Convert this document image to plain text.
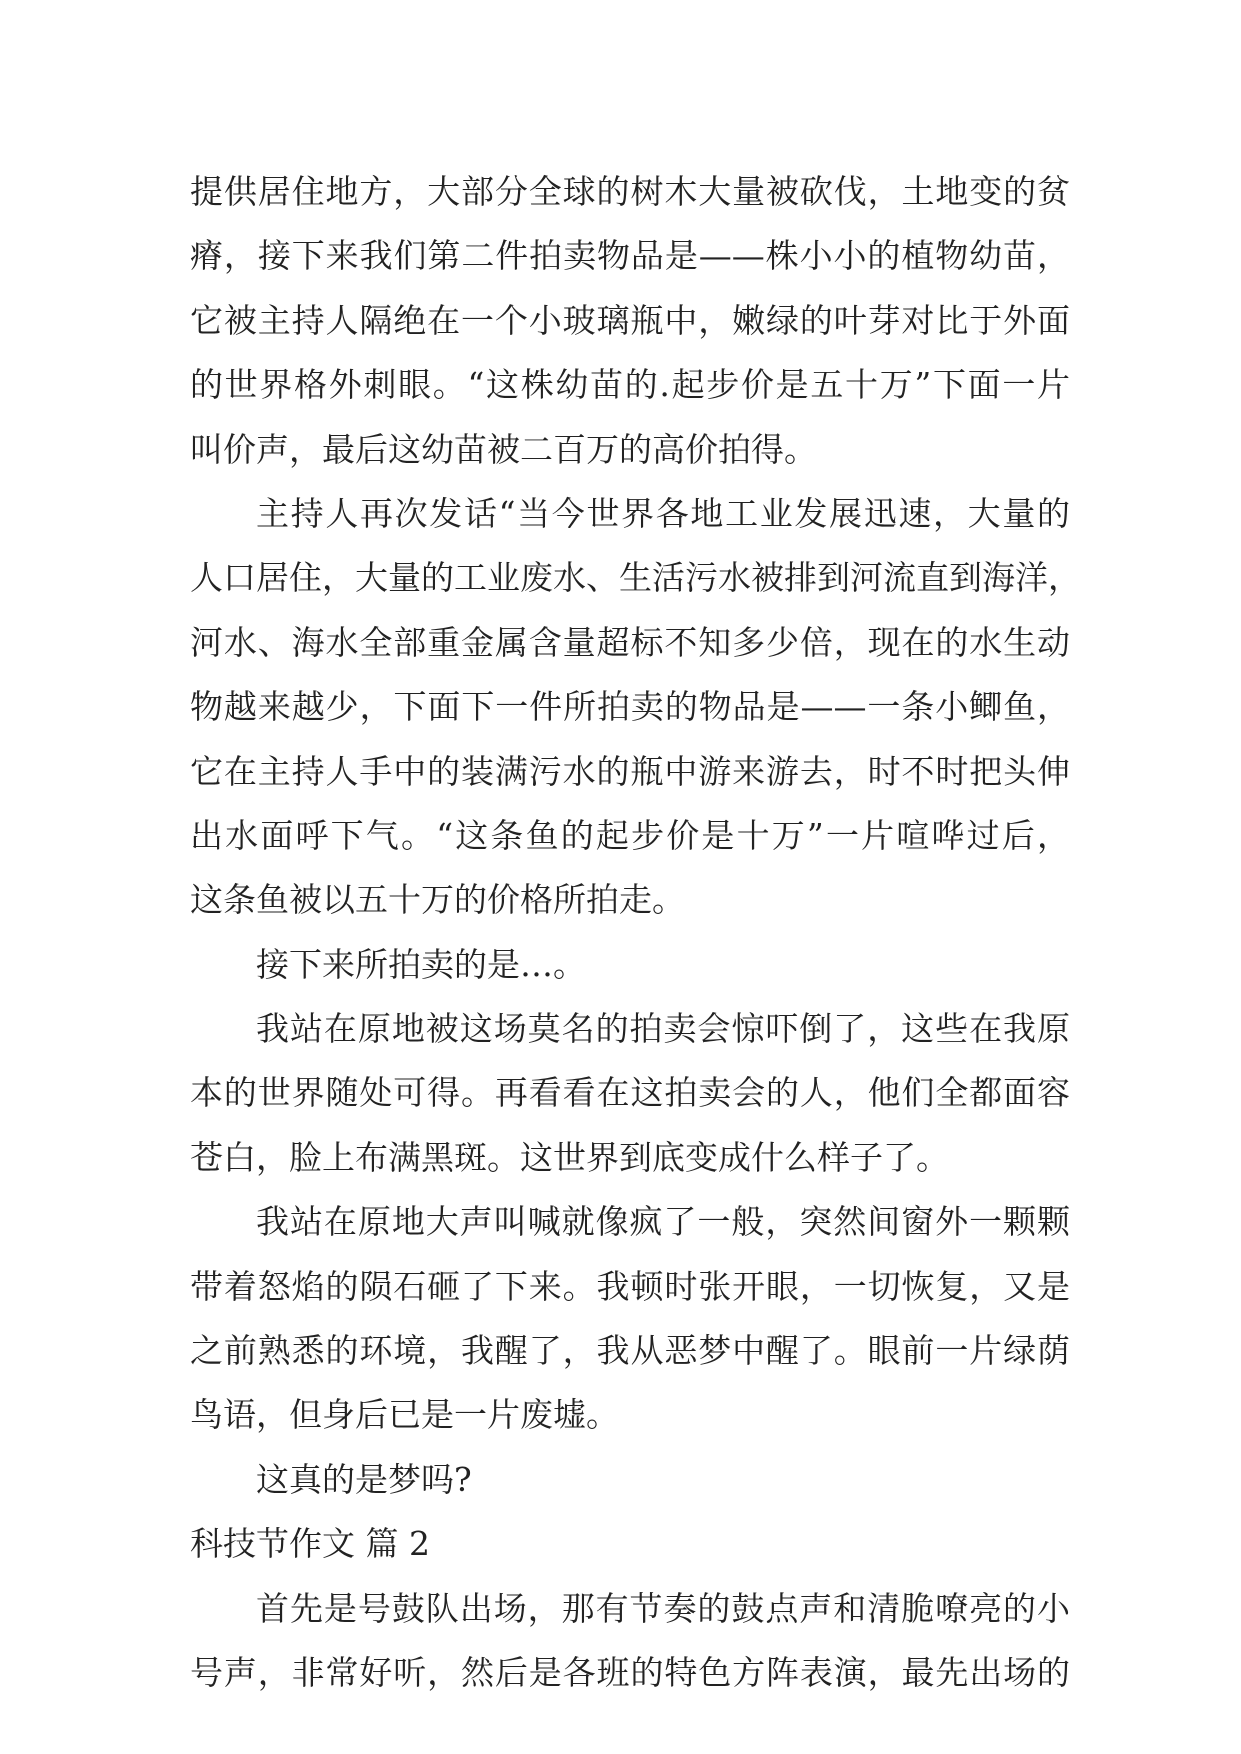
提供居住地方，大部分全球的树木大量被砍伐，土地变的贫
瘠，接下来我们第二件拍卖物品是——株小小的植物幼苗，
它被主持人隔绝在一个小玻璃瓶中，嫩绿的叶芽对比于外面
的世界格外刺眼。“这株幼苗的.起步价是五十万”下面一片
叫价声，最后这幼苗被二百万的高价拍得。
主持人再次发话“当今世界各地工业发展迅速，大量的
人口居住，大量的工业废水、生活污水被排到河流直到海洋，
河水、海水全部重金属含量超标不知多少倍，现在的水生动
物越来越少，下面下一件所拍卖的物品是——一条小鲫鱼，
它在主持人手中的装满污水的瓶中游来游去，时不时把头伸
出水面呼下气。“这条鱼的起步价是十万”一片喧哗过后，
这条鱼被以五十万的价格所拍走。
接下来所拍卖的是…。
我站在原地被这场莫名的拍卖会惊吓倒了，这些在我原
本的世界随处可得。再看看在这拍卖会的人，他们全都面容
苍白，脸上布满黑斑。这世界到底变成什么样子了。
我站在原地大声叫喊就像疯了一般，突然间窗外一颗颗
带着怒焰的陨石砸了下来。我顿时张开眼，一切恢复，又是
之前熟悉的环境，我醒了，我从恶梦中醒了。眼前一片绿荫
鸟语，但身后已是一片废墟。
这真的是梦吗?
科技节作文 篇 2
首先是号鼓队出场，那有节奏的鼓点声和清脆嘹亮的小
号声，非常好听，然后是各班的特色方阵表演，最先出场的
